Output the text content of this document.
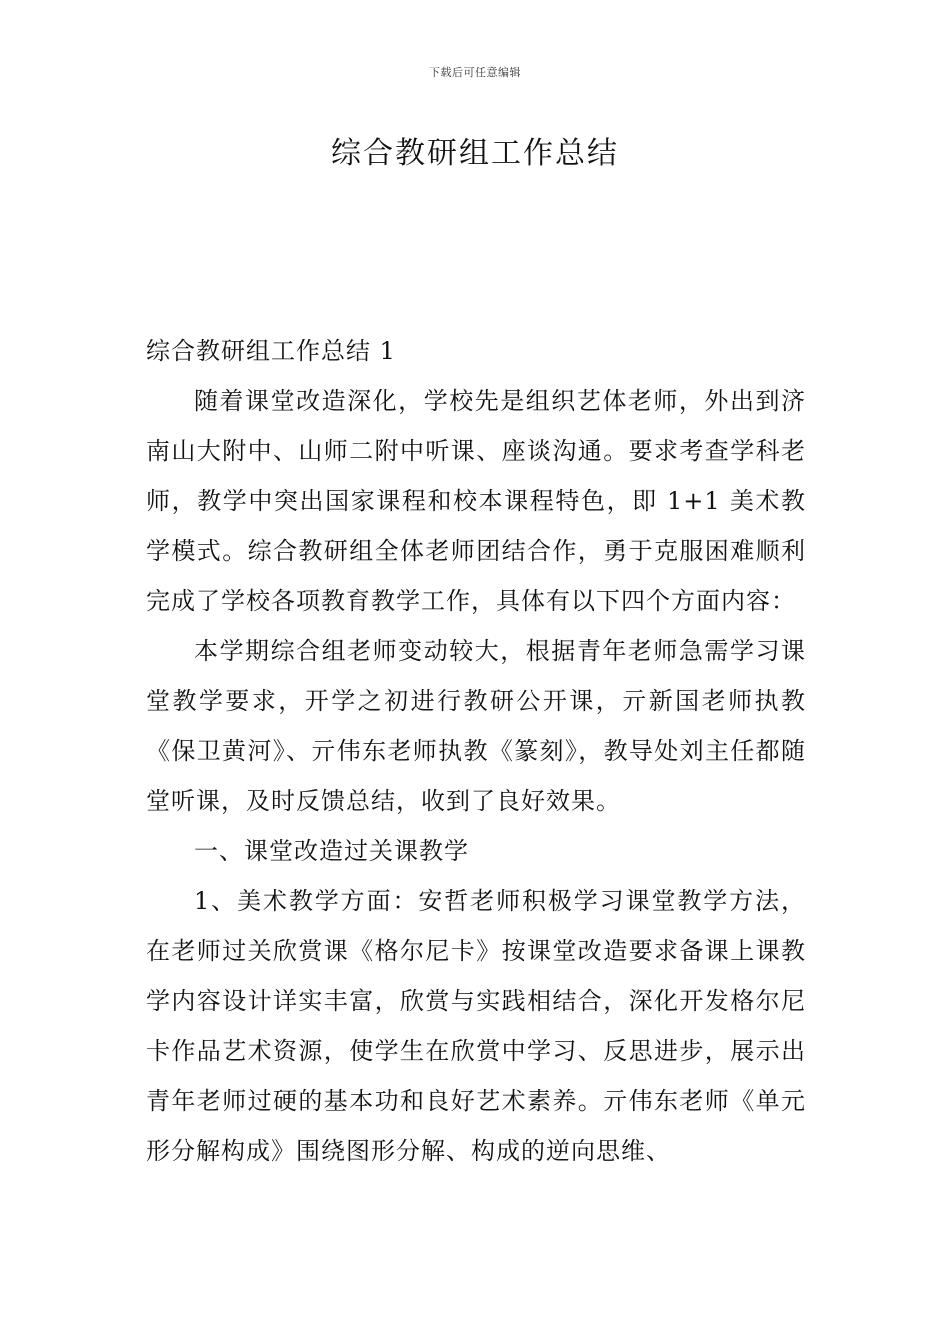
下载后可任意编辑
综合教研组工作总结

综合教研组工作总结 1

随着课堂改造深化，学校先是组织艺体老师，外出到济南山大附中、山师二附中听课、座谈沟通。要求考查学科老师，教学中突出国家课程和校本课程特色，即 1+1 美术教学模式。综合教研组全体老师团结合作，勇于克服困难顺利完成了学校各项教育教学工作，具体有以下四个方面内容：

本学期综合组老师变动较大，根据青年老师急需学习课堂教学要求，开学之初进行教研公开课，亓新国老师执教《保卫黄河》、亓伟东老师执教《篆刻》，教导处刘主任都随堂听课，及时反馈总结，收到了良好效果。

一、课堂改造过关课教学

1、美术教学方面：安哲老师积极学习课堂教学方法，在老师过关欣赏课《格尔尼卡》按课堂改造要求备课上课教学内容设计详实丰富，欣赏与实践相结合，深化开发格尔尼卡作品艺术资源，使学生在欣赏中学习、反思进步，展示出青年老师过硬的基本功和良好艺术素养。亓伟东老师《单元形分解构成》围绕图形分解、构成的逆向思维、
